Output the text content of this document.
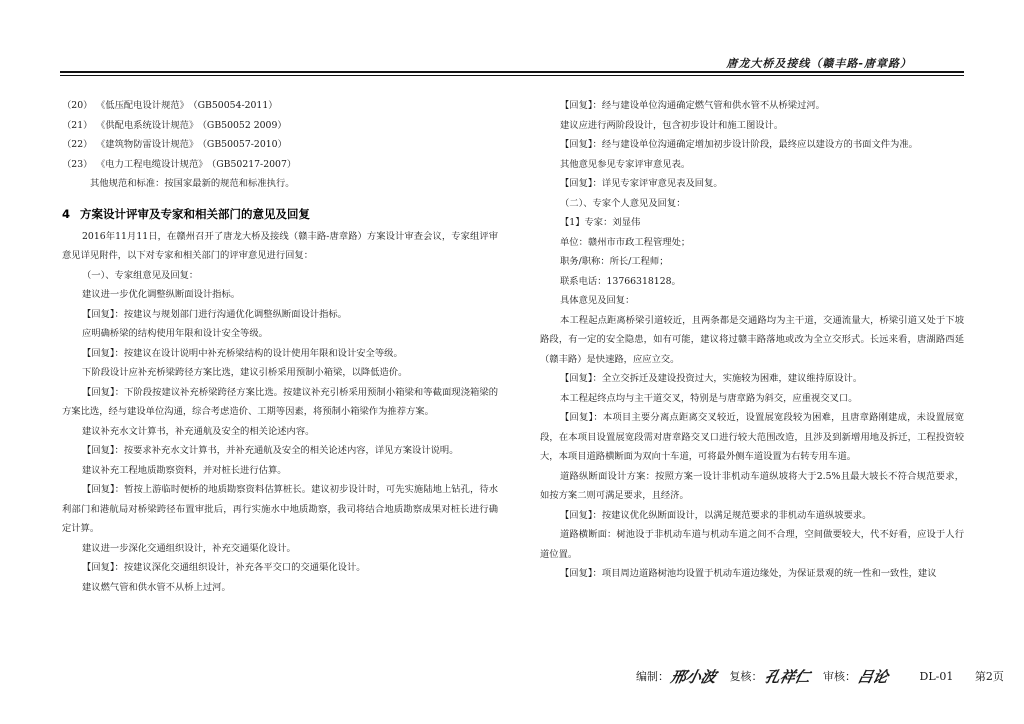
唐龙大桥及接线（赣丰路-唐章路）
（20） 《低压配电设计规范》 （GB50054-2011）
（21） 《供配电系统设计规范》 （GB50052 2009）
（22） 《建筑物防雷设计规范》 （GB50057-2010）
（23） 《电力工程电缆设计规范》 （GB50217-2007）
其他规范和标准：按国家最新的规范和标准执行。
4 方案设计评审及专家和相关部门的意见及回复

2016年11月11日，在赣州召开了唐龙大桥及接线（赣丰路-唐章路）方案设计审查会议，专家组评审意见详见附件，以下对专家和相关部门的评审意见进行回复：

（一）、专家组意见及回复：

建议进一步优化调整纵断面设计指标。

【回复】：按建议与规划部门进行沟通优化调整纵断面设计指标。

应明确桥梁的结构使用年限和设计安全等级。

【回复】：按建议在设计说明中补充桥梁结构的设计使用年限和设计安全等级。

下阶段设计应补充桥梁跨径方案比选，建议引桥采用预制小箱梁，以降低造价。

【回复】：下阶段按建议补充桥梁跨径方案比选。按建议补充引桥采用预制小箱梁和等截面现浇箱梁的方案比选，经与建设单位沟通，综合考虑造价、工期等因素，将预制小箱梁作为推荐方案。

建议补充水文计算书，补充通航及安全的相关论述内容。

【回复】：按要求补充水文计算书，并补充通航及安全的相关论述内容，详见方案设计说明。

建议补充工程地质勘察资料，并对桩长进行估算。

【回复】：暂按上游临时便桥的地质勘察资料估算桩长。建议初步设计时，可先实施陆地上钻孔，待水利部门和港航局对桥梁跨径布置审批后，再行实施水中地质勘察，我司将结合地质勘察成果对桩长进行确定计算。

建议进一步深化交通组织设计，补充交通渠化设计。

【回复】：按建议深化交通组织设计，补充各平交口的交通渠化设计。

建议燃气管和供水管不从桥上过河。

【回复】：经与建设单位沟通确定燃气管和供水管不从桥梁过河。

建议应进行两阶段设计，包含初步设计和施工图设计。

【回复】：经与建设单位沟通确定增加初步设计阶段，最终应以建设方的书面文件为准。

其他意见参见专家评审意见表。

【回复】：详见专家评审意见表及回复。

（二）、专家个人意见及回复：

【1】专家：刘显伟

单位：赣州市市政工程管理处；

职务/职称：所长/工程师；

联系电话：13766318128。

具体意见及回复：

本工程起点距离桥梁引道较近，且两条都是交通路均为主干道，交通流量大，桥梁引道又处于下坡路段，有一定的安全隐患，如有可能，建议将过赣丰路落地或改为全立交形式。长远来看，唐湖路西延（赣丰路）是快速路，应应立交。

【回复】：全立交拆迁及建设投资过大，实施较为困难，建议维持原设计。

本工程起终点均与主干道交叉，特别是与唐章路为斜交，应重视交叉口。

【回复】：本项目主要分离点距离交叉较近，设置展宽段较为困难，且唐章路刚建成，未设置展宽段，在本项目设置展宽段需对唐章路交叉口进行较大范围改造，且涉及到新增用地及拆迁，工程投资较大，本项目道路横断面为双向十车道，可将最外侧车道设置为右转专用车道。

道路纵断面设计方案：按照方案一设计非机动车道纵坡将大于2.5%且最大坡长不符合规范要求，如按方案二则可满足要求，且经济。

【回复】：按建议优化纵断面设计，以满足规范要求的非机动车道纵坡要求。

道路横断面：树池设于非机动车道与机动车道之间不合理，空间做要较大，代不好看，应设于人行道位置。

【回复】：项目周边道路树池均设置于机动车道边缘处，为保证景观的统一性和一致性，建议

编制：邢小波 复核：孔祥仁 审核：吕论	DL-01 第2页
